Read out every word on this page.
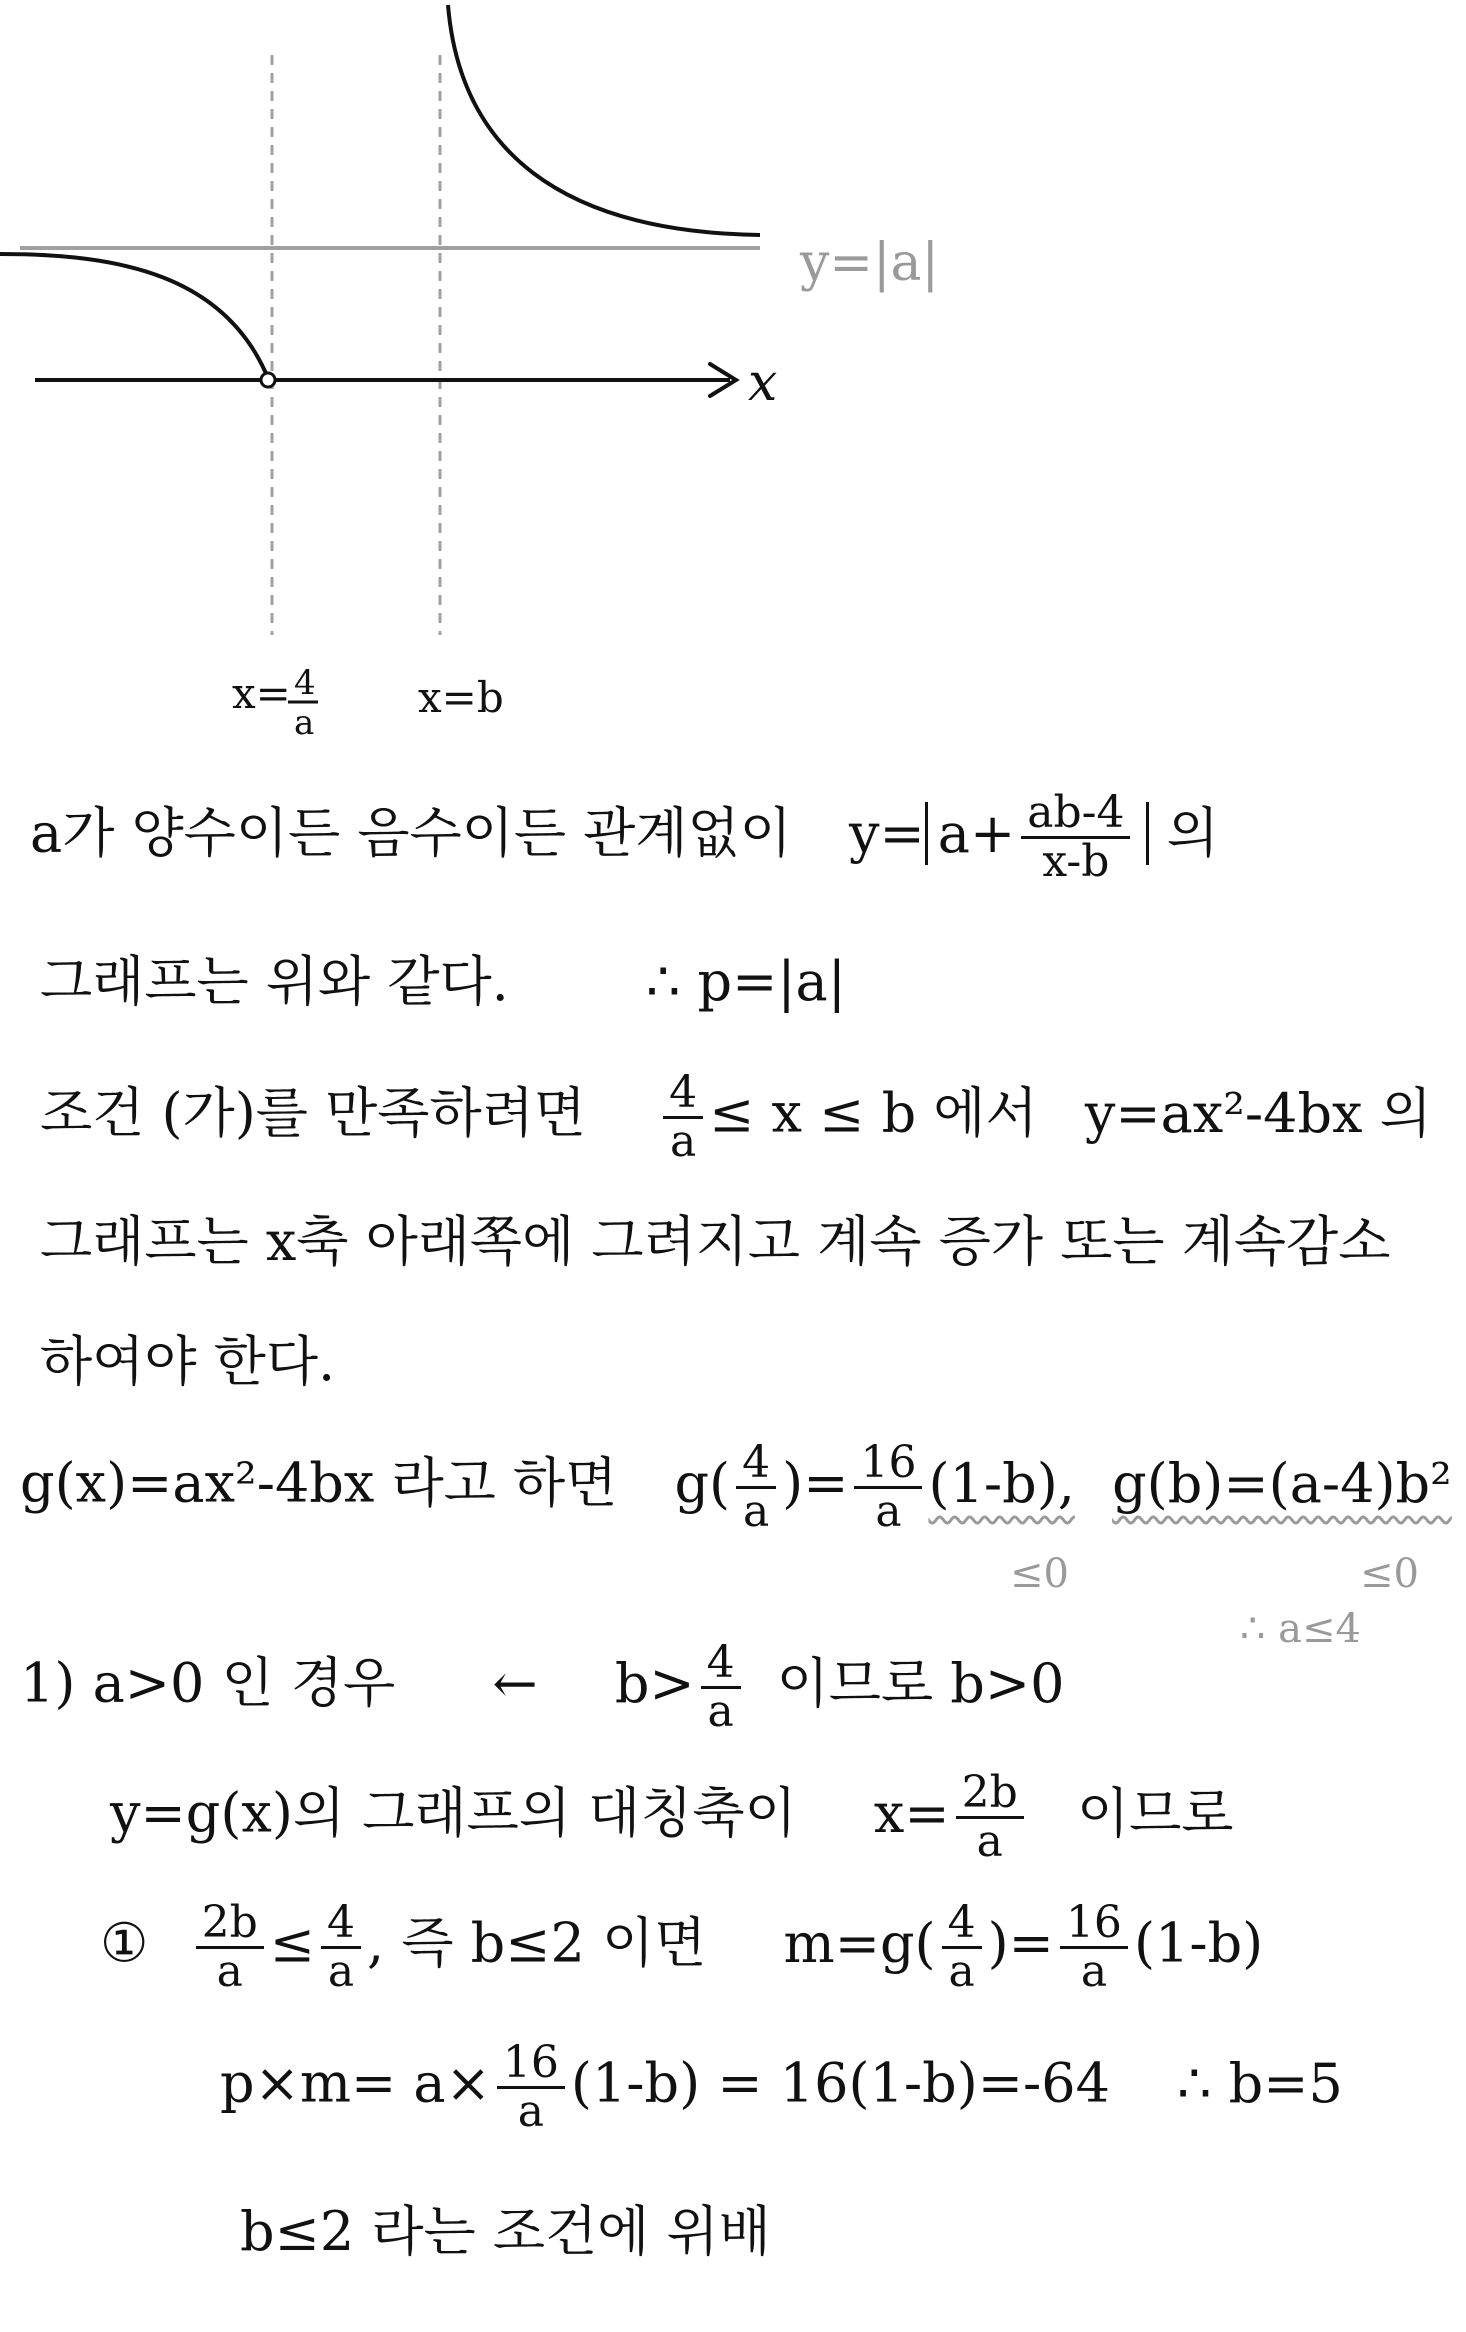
y=|a|
x
x= 4
a
x=b
a가 양수이든 음수이든 관계없이 $y= a+ \frac{ab-4}{x-b}$ 의
그래프는 위와 같다.	∴ p=|a|
조건 (가)를 만족하려면 $\frac{4}{a} \le x \le b$ 에서 y=ax²-4bx 의
그래프는 x축 아래쪽에 그려지고 계속 증가 또는 계속감소
하여야 한다.
g(x)=ax²-4bx 라고 하면 $g( \frac{4}{a}$ )= $\frac{16}{a} (1-b)$, g(b)=(a-4)b²
≤0	≤0
∴ a≤4
1) a>0 인 경우 ← $b> \frac{4}{a}$ 이므로 b>0
y=g(x)의 그래프의 대칭축이 $x= \frac{2b}{a}$ 이므로
① $\frac{2b}{a} \le \frac{4}{a}$ , 즉 b≤2 이면 $m=g( \frac{4}{a}$ )= $\frac{16}{a} (1-b)$
$p\times m= a\times \frac{16}{a} (1-b) = 16(1-b)=-64$ ∴ b=5
b≤2 라는 조건에 위배
